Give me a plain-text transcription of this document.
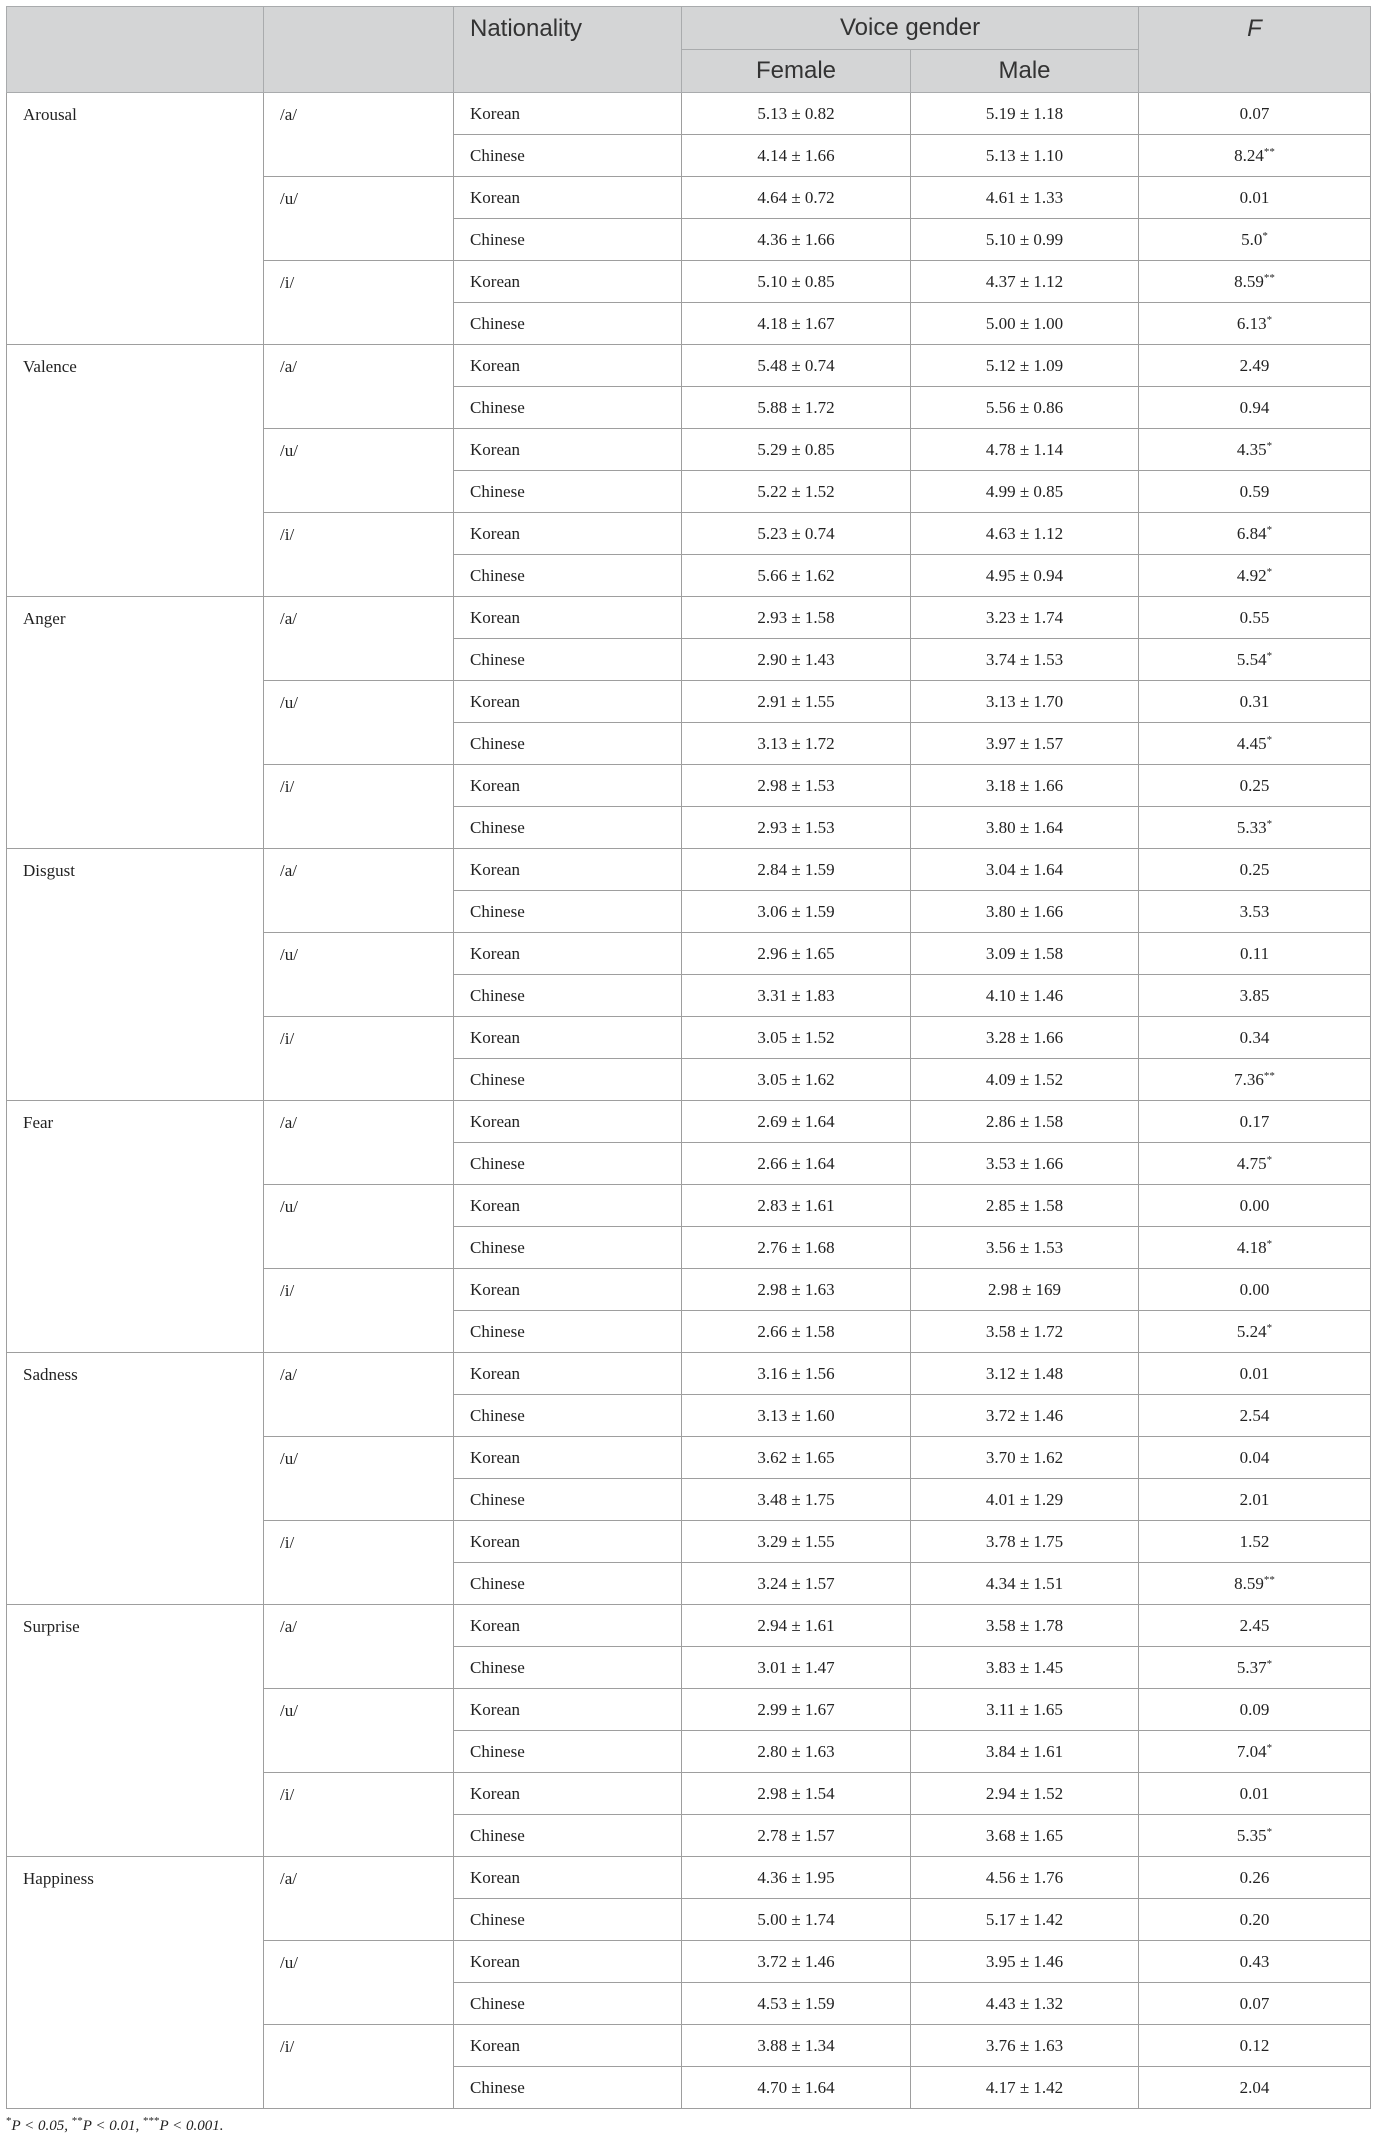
		Nationality	Voice gender		F
			Female	Male	
Arousal	/a/	Korean	5.13 ± 0.82	5.19 ± 1.18	0.07
		Chinese	4.14 ± 1.66	5.13 ± 1.10	8.24**
	/u/	Korean	4.64 ± 0.72	4.61 ± 1.33	0.01
		Chinese	4.36 ± 1.66	5.10 ± 0.99	5.0*
	/i/	Korean	5.10 ± 0.85	4.37 ± 1.12	8.59**
		Chinese	4.18 ± 1.67	5.00 ± 1.00	6.13*
Valence	/a/	Korean	5.48 ± 0.74	5.12 ± 1.09	2.49
		Chinese	5.88 ± 1.72	5.56 ± 0.86	0.94
	/u/	Korean	5.29 ± 0.85	4.78 ± 1.14	4.35*
		Chinese	5.22 ± 1.52	4.99 ± 0.85	0.59
	/i/	Korean	5.23 ± 0.74	4.63 ± 1.12	6.84*
		Chinese	5.66 ± 1.62	4.95 ± 0.94	4.92*
Anger	/a/	Korean	2.93 ± 1.58	3.23 ± 1.74	0.55
		Chinese	2.90 ± 1.43	3.74 ± 1.53	5.54*
	/u/	Korean	2.91 ± 1.55	3.13 ± 1.70	0.31
		Chinese	3.13 ± 1.72	3.97 ± 1.57	4.45*
	/i/	Korean	2.98 ± 1.53	3.18 ± 1.66	0.25
		Chinese	2.93 ± 1.53	3.80 ± 1.64	5.33*
Disgust	/a/	Korean	2.84 ± 1.59	3.04 ± 1.64	0.25
		Chinese	3.06 ± 1.59	3.80 ± 1.66	3.53
	/u/	Korean	2.96 ± 1.65	3.09 ± 1.58	0.11
		Chinese	3.31 ± 1.83	4.10 ± 1.46	3.85
	/i/	Korean	3.05 ± 1.52	3.28 ± 1.66	0.34
		Chinese	3.05 ± 1.62	4.09 ± 1.52	7.36**
Fear	/a/	Korean	2.69 ± 1.64	2.86 ± 1.58	0.17
		Chinese	2.66 ± 1.64	3.53 ± 1.66	4.75*
	/u/	Korean	2.83 ± 1.61	2.85 ± 1.58	0.00
		Chinese	2.76 ± 1.68	3.56 ± 1.53	4.18*
	/i/	Korean	2.98 ± 1.63	2.98 ± 169	0.00
		Chinese	2.66 ± 1.58	3.58 ± 1.72	5.24*
Sadness	/a/	Korean	3.16 ± 1.56	3.12 ± 1.48	0.01
		Chinese	3.13 ± 1.60	3.72 ± 1.46	2.54
	/u/	Korean	3.62 ± 1.65	3.70 ± 1.62	0.04
		Chinese	3.48 ± 1.75	4.01 ± 1.29	2.01
	/i/	Korean	3.29 ± 1.55	3.78 ± 1.75	1.52
		Chinese	3.24 ± 1.57	4.34 ± 1.51	8.59**
Surprise	/a/	Korean	2.94 ± 1.61	3.58 ± 1.78	2.45
		Chinese	3.01 ± 1.47	3.83 ± 1.45	5.37*
	/u/	Korean	2.99 ± 1.67	3.11 ± 1.65	0.09
		Chinese	2.80 ± 1.63	3.84 ± 1.61	7.04*
	/i/	Korean	2.98 ± 1.54	2.94 ± 1.52	0.01
		Chinese	2.78 ± 1.57	3.68 ± 1.65	5.35*
Happiness	/a/	Korean	4.36 ± 1.95	4.56 ± 1.76	0.26
		Chinese	5.00 ± 1.74	5.17 ± 1.42	0.20
	/u/	Korean	3.72 ± 1.46	3.95 ± 1.46	0.43
		Chinese	4.53 ± 1.59	4.43 ± 1.32	0.07
	/i/	Korean	3.88 ± 1.34	3.76 ± 1.63	0.12
		Chinese	4.70 ± 1.64	4.17 ± 1.42	2.04
*P < 0.05, **P < 0.01, ***P < 0.001.
